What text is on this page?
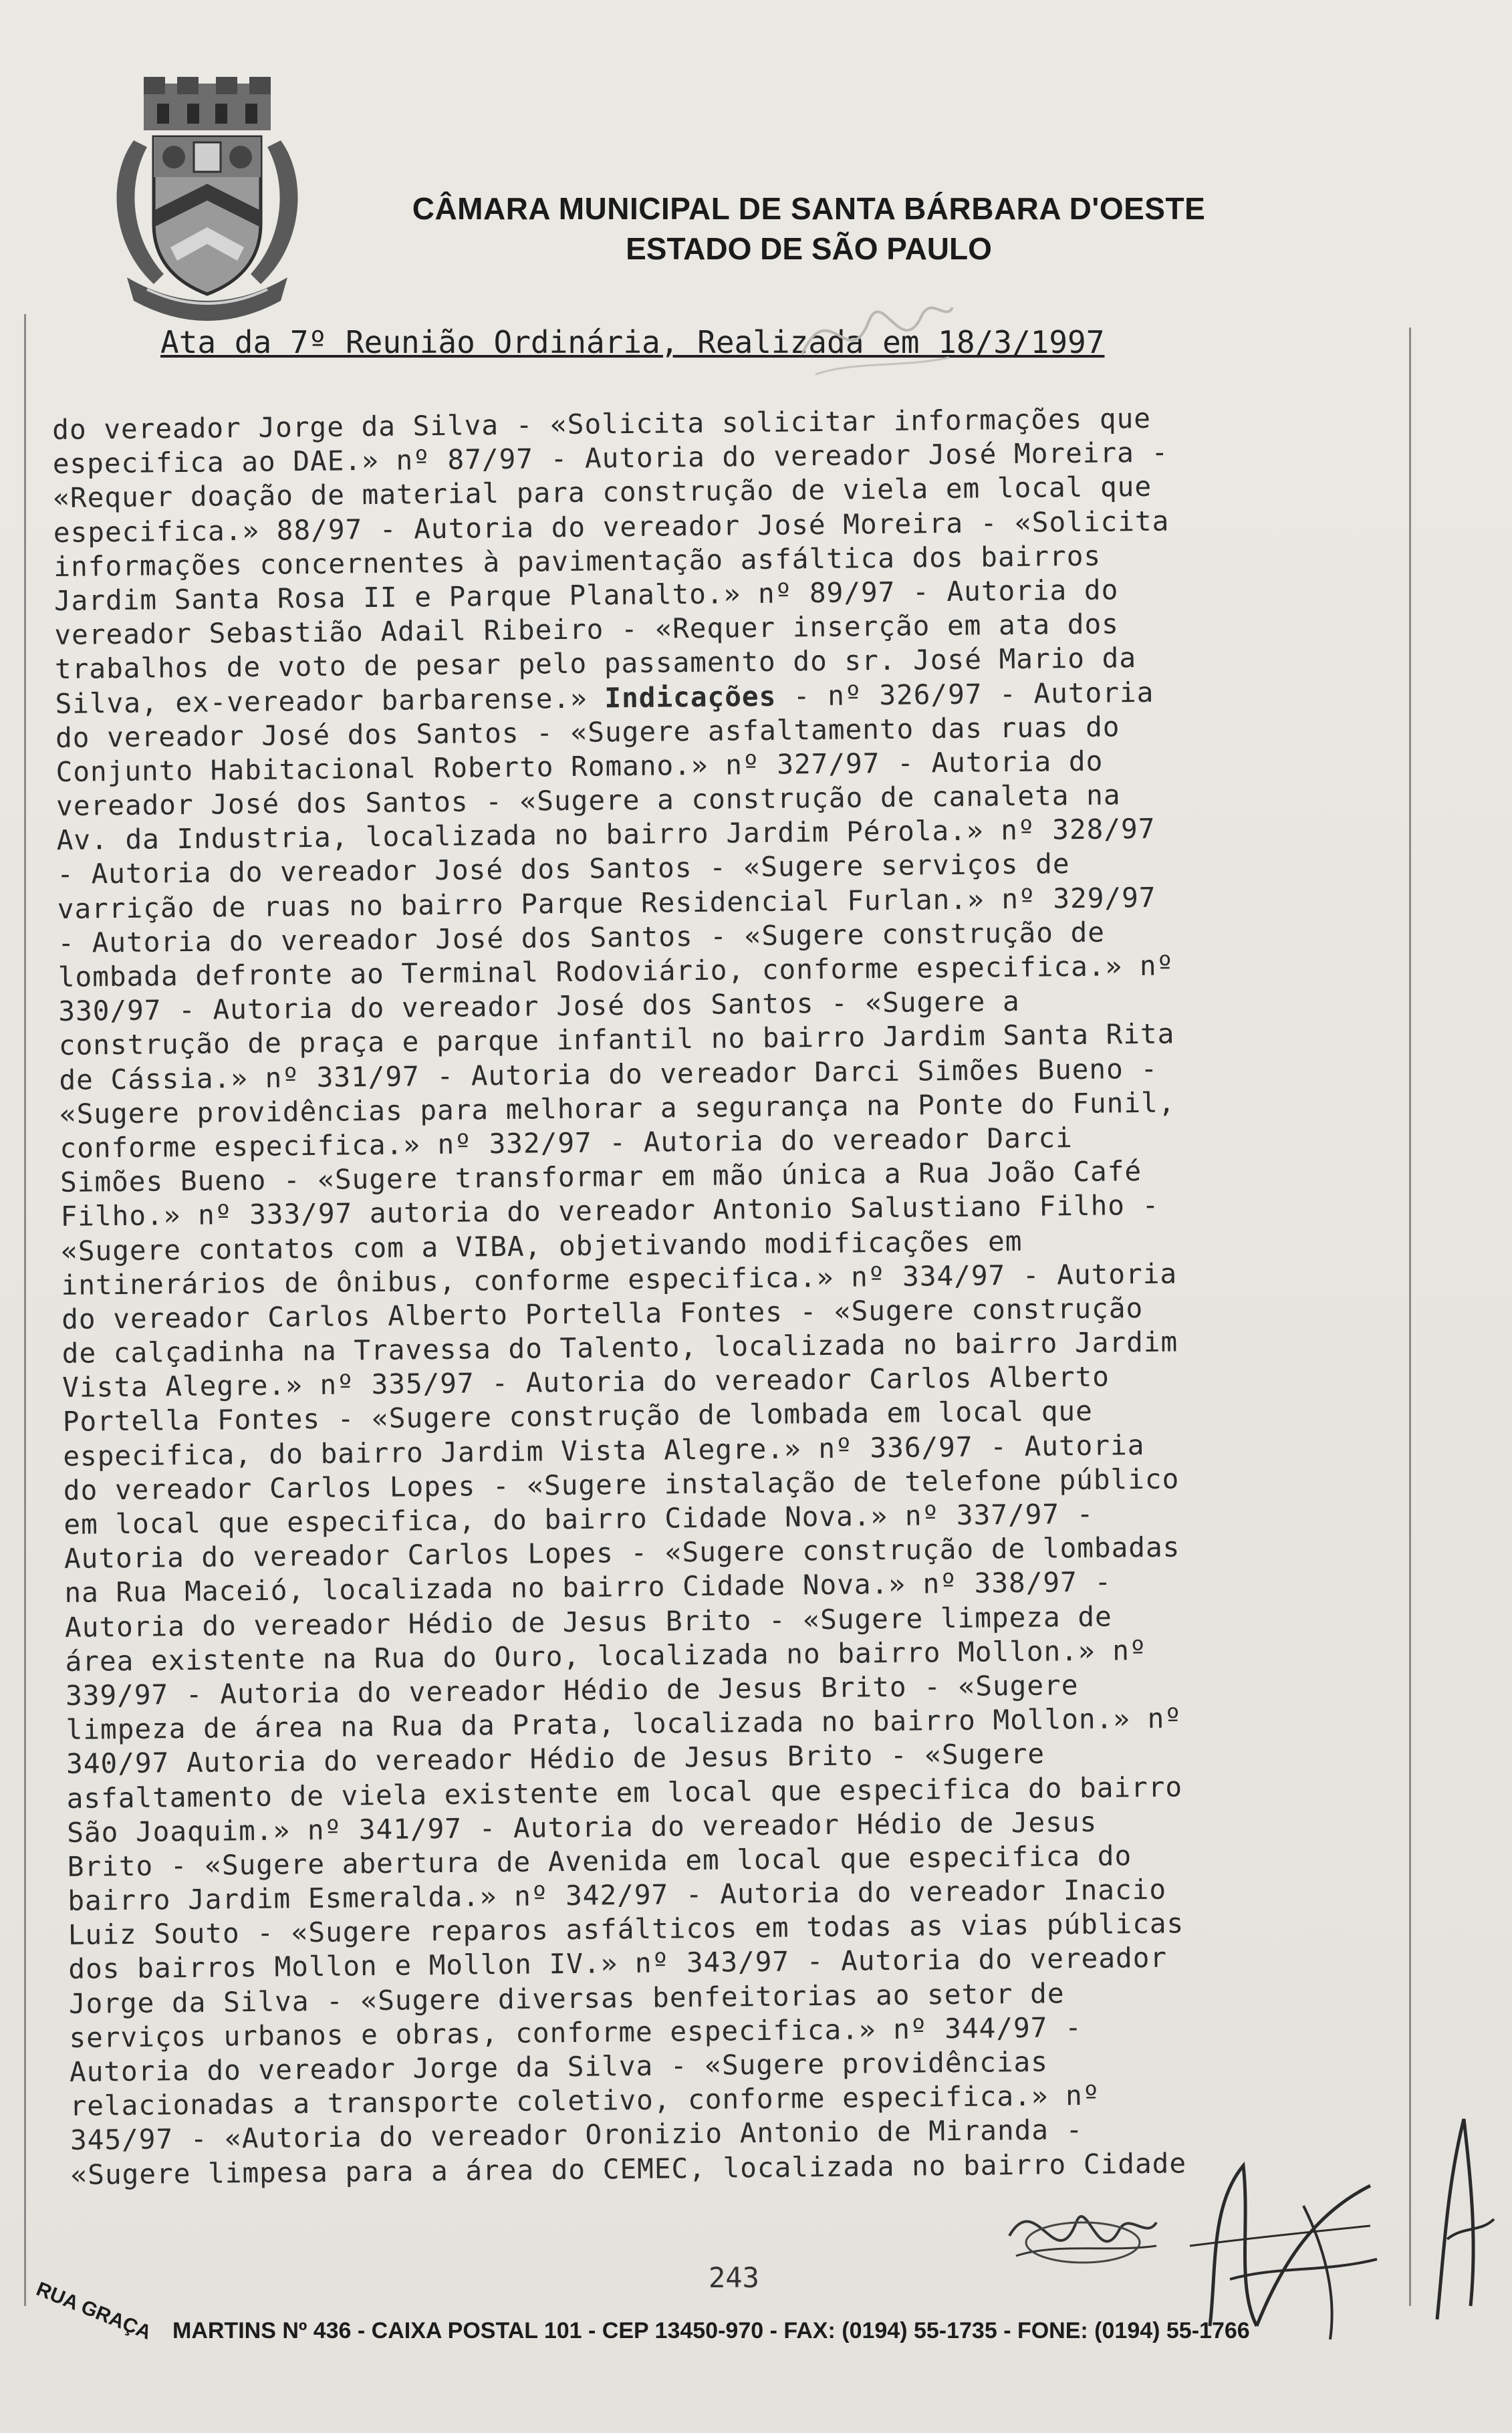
CÂMARA MUNICIPAL DE SANTA BÁRBARA D'OESTE
ESTADO DE SÃO PAULO
Ata da 7º Reunião Ordinária, Realizada em 18/3/1997
do vereador Jorge da Silva - «Solicita solicitar informações que
especifica ao DAE.» nº 87/97 - Autoria do vereador José Moreira -
«Requer doação de material para construção de viela em local que
especifica.» 88/97 - Autoria do vereador José Moreira - «Solicita
informações concernentes à pavimentação asfáltica dos bairros
Jardim Santa Rosa II e Parque Planalto.» nº 89/97 - Autoria do
vereador Sebastião Adail Ribeiro - «Requer inserção em ata dos
trabalhos de voto de pesar pelo passamento do sr. José Mario da
Silva, ex-vereador barbarense.» Indicações - nº 326/97 - Autoria
do vereador José dos Santos - «Sugere asfaltamento das ruas do
Conjunto Habitacional Roberto Romano.» nº 327/97 - Autoria do
vereador José dos Santos - «Sugere a construção de canaleta na
Av. da Industria, localizada no bairro Jardim Pérola.» nº 328/97
- Autoria do vereador José dos Santos - «Sugere serviços de
varrição de ruas no bairro Parque Residencial Furlan.» nº 329/97
- Autoria do vereador José dos Santos - «Sugere construção de
lombada defronte ao Terminal Rodoviário, conforme especifica.» nº
330/97 - Autoria do vereador José dos Santos - «Sugere a
construção de praça e parque infantil no bairro Jardim Santa Rita
de Cássia.» nº 331/97 - Autoria do vereador Darci Simões Bueno -
«Sugere providências para melhorar a segurança na Ponte do Funil,
conforme especifica.» nº 332/97 - Autoria do vereador Darci
Simões Bueno - «Sugere transformar em mão única a Rua João Café
Filho.» nº 333/97 autoria do vereador Antonio Salustiano Filho -
«Sugere contatos com a VIBA, objetivando modificações em
intinerários de ônibus, conforme especifica.» nº 334/97 - Autoria
do vereador Carlos Alberto Portella Fontes - «Sugere construção
de calçadinha na Travessa do Talento, localizada no bairro Jardim
Vista Alegre.» nº 335/97 - Autoria do vereador Carlos Alberto
Portella Fontes - «Sugere construção de lombada em local que
especifica, do bairro Jardim Vista Alegre.» nº 336/97 - Autoria
do vereador Carlos Lopes - «Sugere instalação de telefone público
em local que especifica, do bairro Cidade Nova.» nº 337/97 -
Autoria do vereador Carlos Lopes - «Sugere construção de lombadas
na Rua Maceió, localizada no bairro Cidade Nova.» nº 338/97 -
Autoria do vereador Hédio de Jesus Brito - «Sugere limpeza de
área existente na Rua do Ouro, localizada no bairro Mollon.» nº
339/97 - Autoria do vereador Hédio de Jesus Brito - «Sugere
limpeza de área na Rua da Prata, localizada no bairro Mollon.» nº
340/97 Autoria do vereador Hédio de Jesus Brito - «Sugere
asfaltamento de viela existente em local que especifica do bairro
São Joaquim.» nº 341/97 - Autoria do vereador Hédio de Jesus
Brito - «Sugere abertura de Avenida em local que especifica do
bairro Jardim Esmeralda.» nº 342/97 - Autoria do vereador Inacio
Luiz Souto - «Sugere reparos asfálticos em todas as vias públicas
dos bairros Mollon e Mollon IV.» nº 343/97 - Autoria do vereador
Jorge da Silva - «Sugere diversas benfeitorias ao setor de
serviços urbanos e obras, conforme especifica.» nº 344/97 -
Autoria do vereador Jorge da Silva - «Sugere providências
relacionadas a transporte coletivo, conforme especifica.» nº
345/97 - «Autoria do vereador Oronizio Antonio de Miranda -
«Sugere limpesa para a área do CEMEC, localizada no bairro Cidade
243
RUA GRAÇA MARTINS Nº 436 - CAIXA POSTAL 101 - CEP 13450-970 - FAX: (0194) 55-1735 - FONE: (0194) 55-1766
